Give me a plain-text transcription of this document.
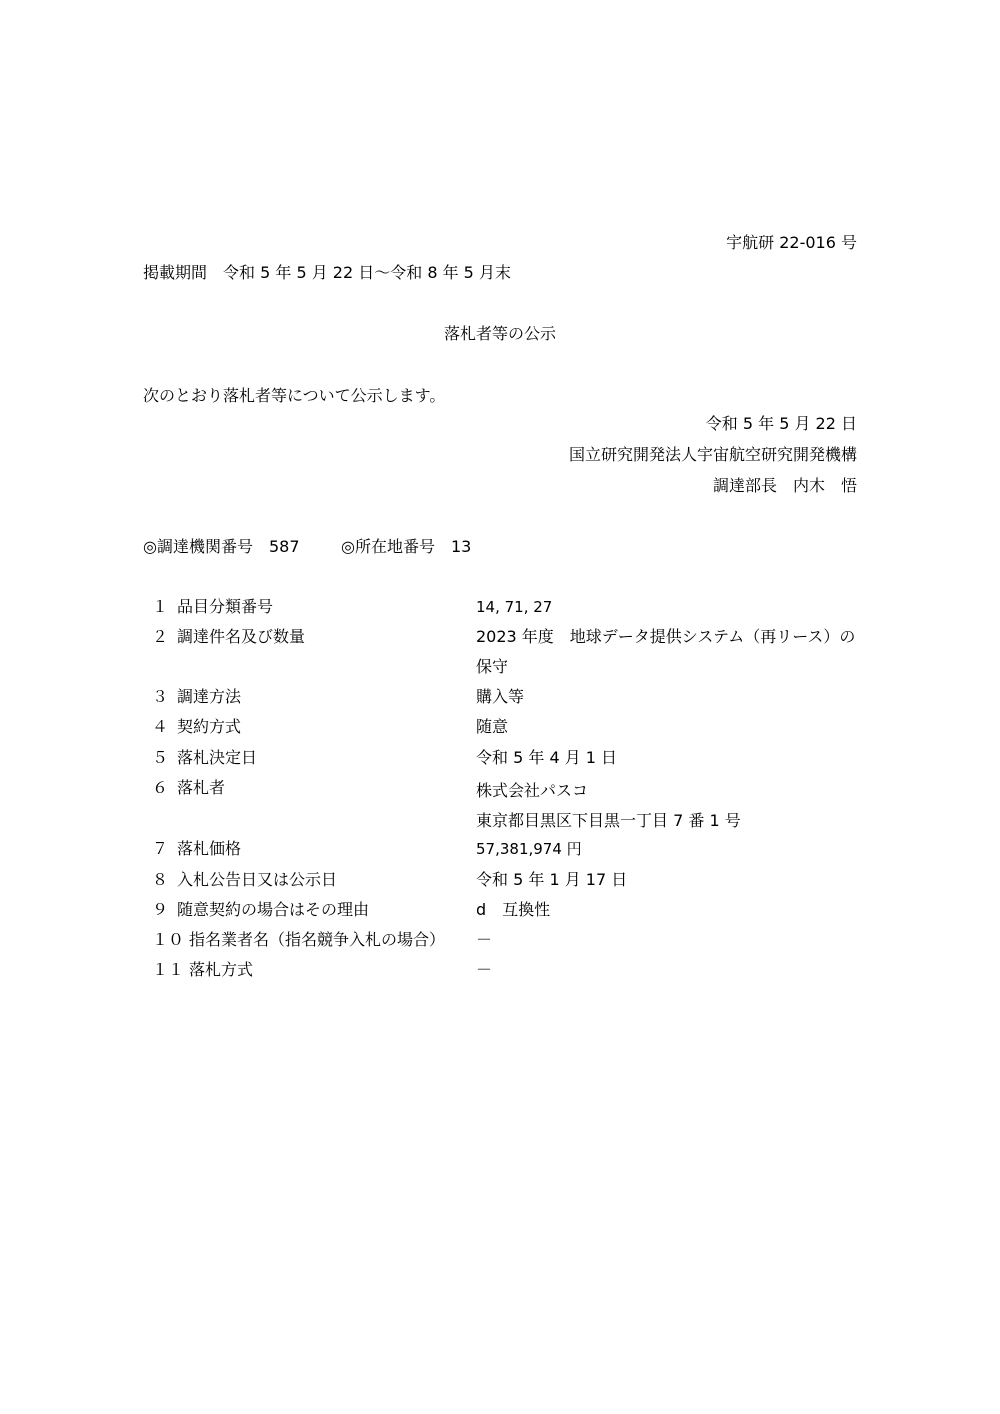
宇航研 22-016 号
掲載期間　令和 5 年 5 月 22 日～令和 8 年 5 月末
落札者等の公示
次のとおり落札者等について公示します。
令和 5 年 5 月 22 日
国立研究開発法人宇宙航空研究開発機構
調達部長　内木　悟
◎調達機関番号　587	◎所在地番号　13
１ 品目分類番号	14, 71, 27
２ 調達件名及び数量	2023 年度　地球データ提供システム（再リース）の
保守
３ 調達方法	購入等
４ 契約方式	随意
５ 落札決定日	令和 5 年 4 月 1 日
６ 落札者	株式会社パスコ
東京都目黒区下目黒一丁目 7 番 1 号
７ 落札価格	57,381,974 円
８ 入札公告日又は公示日	令和 5 年 1 月 17 日
９ 随意契約の場合はその理由	d　互換性
１０ 指名業者名（指名競争入札の場合） －
１１ 落札方式	－
